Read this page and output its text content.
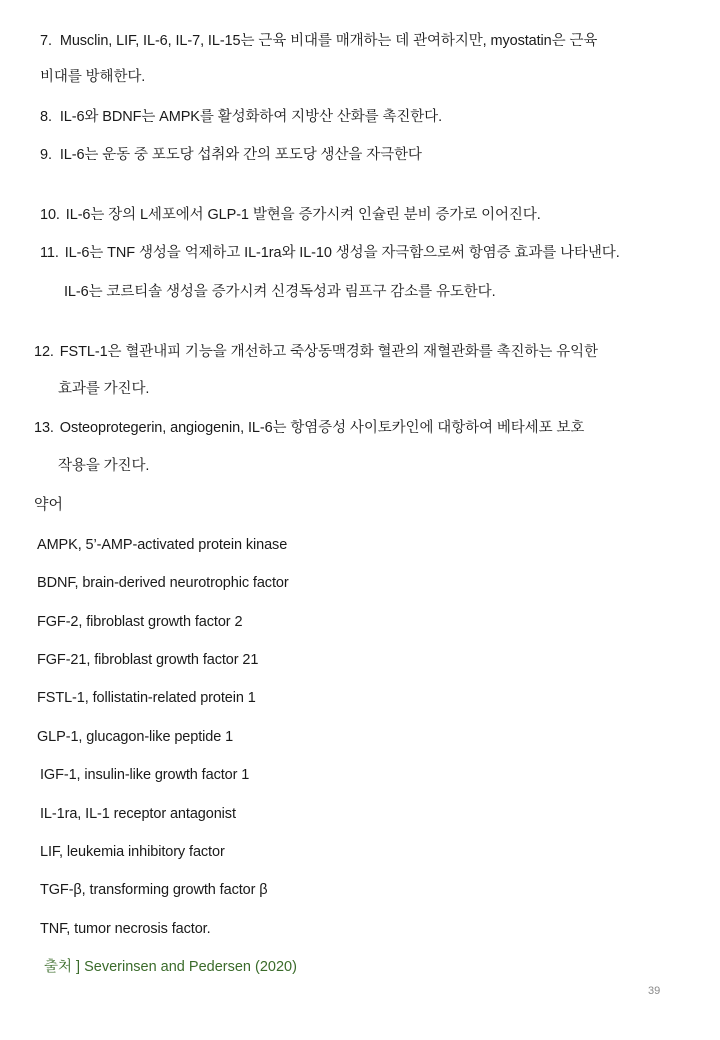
7. Musclin, LIF, IL-6, IL-7, IL-15는 근육 비대를 매개하는 데 관여하지만, myostatin은 근육
비대를 방해한다.
8. IL-6와 BDNF는 AMPK를 활성화하여 지방산 산화를 촉진한다.
9. IL-6는 운동 중 포도당 섭취와 간의 포도당 생산을 자극한다
10. IL-6는 장의 L세포에서 GLP-1 발현을 증가시켜 인슐린 분비 증가로 이어진다.
11. IL-6는 TNF 생성을 억제하고 IL-1ra와 IL-10 생성을 자극함으로써 항염증 효과를 나타낸다.
IL-6는 코르티솔 생성을 증가시켜 신경독성과 림프구 감소를 유도한다.
12. FSTL-1은 혈관내피 기능을 개선하고 죽상동맥경화 혈관의 재혈관화를 촉진하는 유익한
효과를 가진다.
13. Osteoprotegerin, angiogenin, IL-6는 항염증성 사이토카인에 대항하여 베타세포 보호
작용을 가진다.
약어
AMPK, 5’-AMP-activated protein kinase
BDNF, brain-derived neurotrophic factor
FGF-2, fibroblast growth factor 2
FGF-21, fibroblast growth factor 21
FSTL-1, follistatin-related protein 1
GLP-1, glucagon-like peptide 1
IGF-1, insulin-like growth factor 1
IL-1ra, IL-1 receptor antagonist
LIF, leukemia inhibitory factor
TGF-β, transforming growth factor β
TNF, tumor necrosis factor.
출처 ] Severinsen and Pedersen (2020)
39
